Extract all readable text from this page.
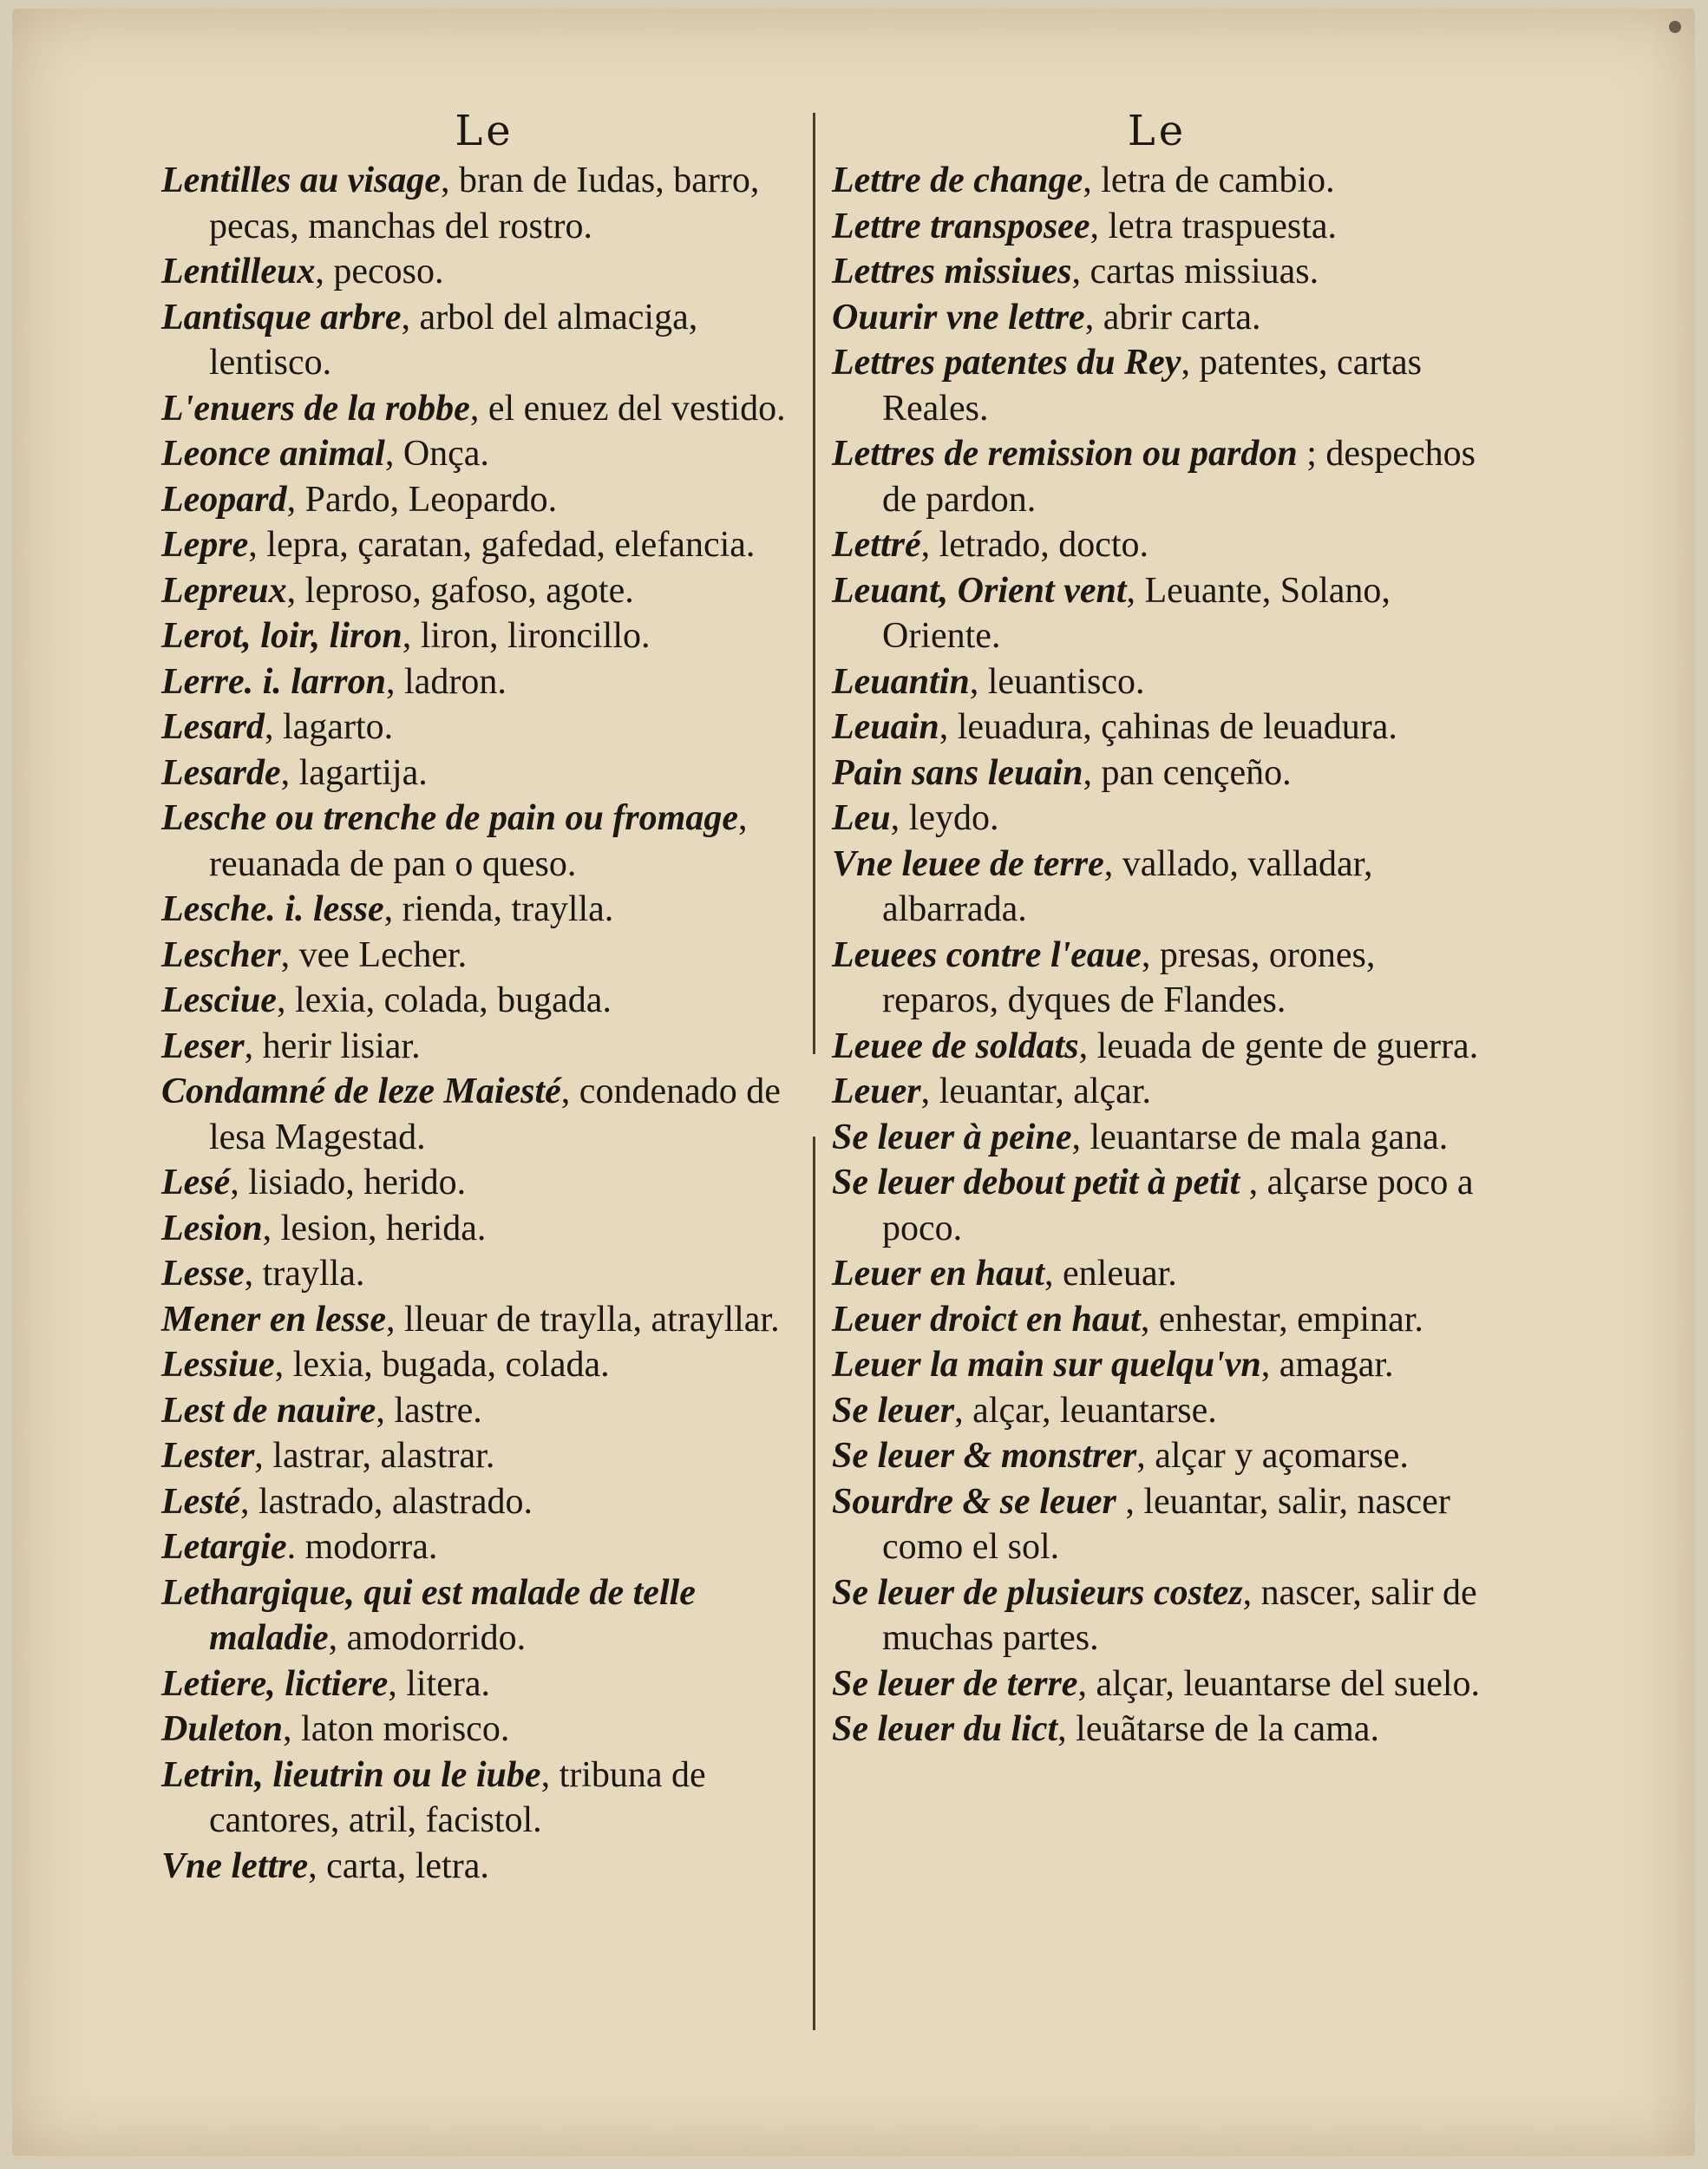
Le
Lentilles au visage, bran de Iudas, barro, pecas, manchas del rostro.
Lentilleux, pecoso.
Lantisque arbre, arbol del almaciga, lentisco.
L'enuers de la robbe, el enuez del vestido.
Leonce animal, Onça.
Leopard, Pardo, Leopardo.
Lepre, lepra, çaratan, gafedad, elefancia.
Lepreux, leproso, gafoso, agote.
Lerot, loir, liron, liron, lironcillo.
Lerre. i. larron, ladron.
Lesard, lagarto.
Lesarde, lagartija.
Lesche ou trenche de pain ou fromage, reuanada de pan o queso.
Lesche. i. lesse, rienda, traylla.
Lescher, vee Lecher.
Lesciue, lexia, colada, bugada.
Leser, herir lisiar.
Condamné de leze Maiesté, condenado de lesa Magestad.
Lesé, lisiado, herido.
Lesion, lesion, herida.
Lesse, traylla.
Mener en lesse, lleuar de traylla, atrayllar.
Lessiue, lexia, bugada, colada.
Lest de nauire, lastre.
Lester, lastrar, alastrar.
Lesté, lastrado, alastrado.
Letargie. modorra.
Lethargique, qui est malade de telle maladie, amodorrido.
Letiere, lictiere, litera.
Duleton, laton morisco.
Letrin, lieutrin ou le iube, tribuna de cantores, atril, facistol.
Vne lettre, carta, letra.
Le
Lettre de change, letra de cambio.
Lettre transposee, letra traspuesta.
Lettres missiues, cartas missiuas.
Ouurir vne lettre, abrir carta.
Lettres patentes du Rey, patentes, cartas Reales.
Lettres de remission ou pardon ; despechos de pardon.
Lettré, letrado, docto.
Leuant, Orient vent, Leuante, Solano, Oriente.
Leuantin, leuantisco.
Leuain, leuadura, çahinas de leuadura.
Pain sans leuain, pan cençeño.
Leu, leydo.
Vne leuee de terre, vallado, valladar, albarrada.
Leuees contre l'eaue, presas, orones, reparos, dyques de Flandes.
Leuee de soldats, leuada de gente de guerra.
Leuer, leuantar, alçar.
Se leuer à peine, leuantarse de mala gana.
Se leuer debout petit à petit , alçarse poco a poco.
Leuer en haut, enleuar.
Leuer droict en haut, enhestar, empinar.
Leuer la main sur quelqu'vn, amagar.
Se leuer, alçar, leuantarse.
Se leuer & monstrer, alçar y açomarse.
Sourdre & se leuer , leuantar, salir, nascer como el sol.
Se leuer de plusieurs costez, nascer, salir de muchas partes.
Se leuer de terre, alçar, leuantarse del suelo.
Se leuer du lict, leuãtarse de la cama.
